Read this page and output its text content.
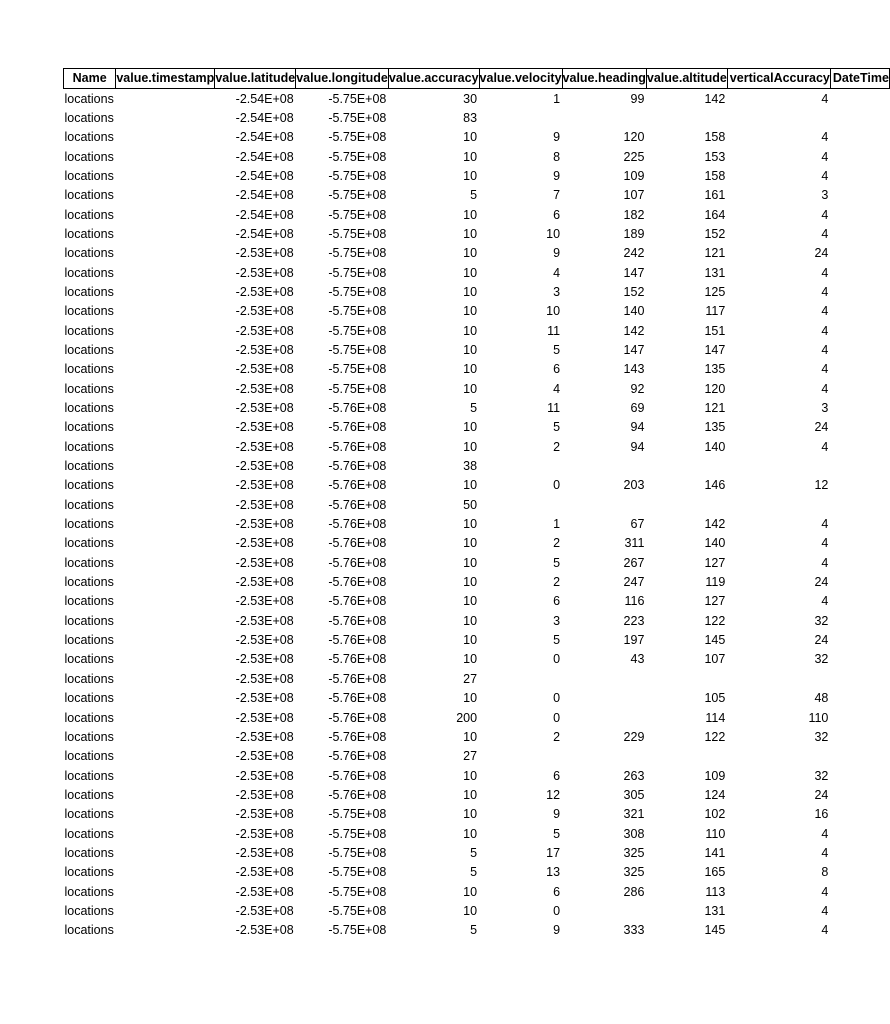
Name	value.timestamp	value.latitude	value.longitude	value.accuracy	value.velocity	value.heading	value.altitude	verticalAccuracy	DateTime

locations		-2.54E+08	-5.75E+08	30	1	99	142	4	
locations		-2.54E+08	-5.75E+08	83					
locations		-2.54E+08	-5.75E+08	10	9	120	158	4	
locations		-2.54E+08	-5.75E+08	10	8	225	153	4	
locations		-2.54E+08	-5.75E+08	10	9	109	158	4	
locations		-2.54E+08	-5.75E+08	5	7	107	161	3	
locations		-2.54E+08	-5.75E+08	10	6	182	164	4	
locations		-2.54E+08	-5.75E+08	10	10	189	152	4	
locations		-2.53E+08	-5.75E+08	10	9	242	121	24	
locations		-2.53E+08	-5.75E+08	10	4	147	131	4	
locations		-2.53E+08	-5.75E+08	10	3	152	125	4	
locations		-2.53E+08	-5.75E+08	10	10	140	117	4	
locations		-2.53E+08	-5.75E+08	10	11	142	151	4	
locations		-2.53E+08	-5.75E+08	10	5	147	147	4	
locations		-2.53E+08	-5.75E+08	10	6	143	135	4	
locations		-2.53E+08	-5.75E+08	10	4	92	120	4	
locations		-2.53E+08	-5.76E+08	5	11	69	121	3	
locations		-2.53E+08	-5.76E+08	10	5	94	135	24	
locations		-2.53E+08	-5.76E+08	10	2	94	140	4	
locations		-2.53E+08	-5.76E+08	38					
locations		-2.53E+08	-5.76E+08	10	0	203	146	12	
locations		-2.53E+08	-5.76E+08	50					
locations		-2.53E+08	-5.76E+08	10	1	67	142	4	
locations		-2.53E+08	-5.76E+08	10	2	311	140	4	
locations		-2.53E+08	-5.76E+08	10	5	267	127	4	
locations		-2.53E+08	-5.76E+08	10	2	247	119	24	
locations		-2.53E+08	-5.76E+08	10	6	116	127	4	
locations		-2.53E+08	-5.76E+08	10	3	223	122	32	
locations		-2.53E+08	-5.76E+08	10	5	197	145	24	
locations		-2.53E+08	-5.76E+08	10	0	43	107	32	
locations		-2.53E+08	-5.76E+08	27					
locations		-2.53E+08	-5.76E+08	10	0		105	48	
locations		-2.53E+08	-5.76E+08	200	0		114	110	
locations		-2.53E+08	-5.76E+08	10	2	229	122	32	
locations		-2.53E+08	-5.76E+08	27					
locations		-2.53E+08	-5.76E+08	10	6	263	109	32	
locations		-2.53E+08	-5.76E+08	10	12	305	124	24	
locations		-2.53E+08	-5.75E+08	10	9	321	102	16	
locations		-2.53E+08	-5.75E+08	10	5	308	110	4	
locations		-2.53E+08	-5.75E+08	5	17	325	141	4	
locations		-2.53E+08	-5.75E+08	5	13	325	165	8	
locations		-2.53E+08	-5.75E+08	10	6	286	113	4	
locations		-2.53E+08	-5.75E+08	10	0		131	4	
locations		-2.53E+08	-5.75E+08	5	9	333	145	4	
